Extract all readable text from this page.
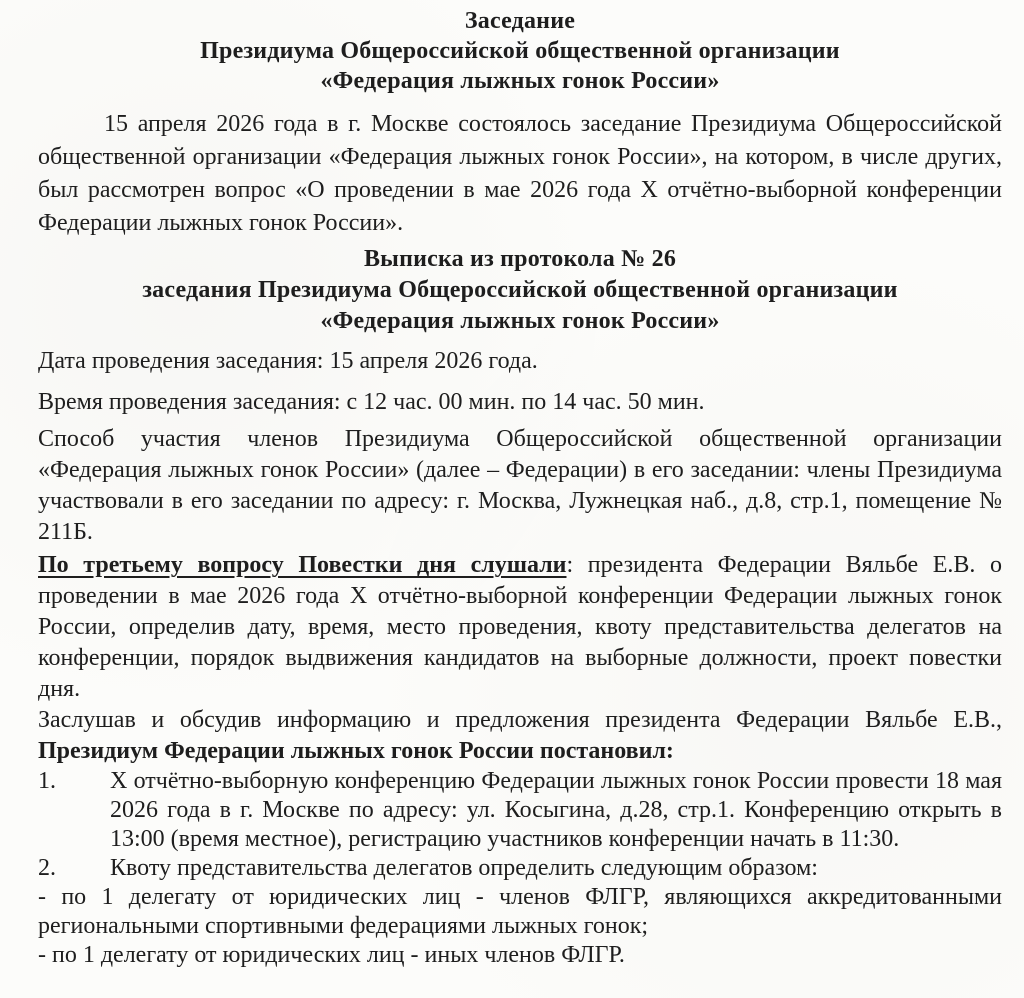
Заседание
Президиума Общероссийской общественной организации
«Федерация лыжных гонок России»

15 апреля 2026 года в г. Москве состоялось заседание Президиума Общероссийской общественной организации «Федерация лыжных гонок России», на котором, в числе других, был рассмотрен вопрос «О проведении в мае 2026 года X отчётно-выборной конференции Федерации лыжных гонок России».

Выписка из протокола № 26
заседания Президиума Общероссийской общественной организации
«Федерация лыжных гонок России»

Дата проведения заседания: 15 апреля 2026 года.

Время проведения заседания: с 12 час. 00 мин. по 14 час. 50 мин.

Способ участия членов Президиума Общероссийской общественной организации «Федерация лыжных гонок России» (далее – Федерации) в его заседании: члены Президиума участвовали в его заседании по адресу: г. Москва, Лужнецкая наб., д.8, стр.1, помещение № 211Б.

По третьему вопросу Повестки дня слушали: президента Федерации Вяльбе Е.В. о проведении в мае 2026 года X отчётно-выборной конференции Федерации лыжных гонок России, определив дату, время, место проведения, квоту представительства делегатов на конференции, порядок выдвижения кандидатов на выборные должности, проект повестки дня.

Заслушав и обсудив информацию и предложения президента Федерации Вяльбе Е.В., Президиум Федерации лыжных гонок России постановил:

1. X отчётно-выборную конференцию Федерации лыжных гонок России провести 18 мая 2026 года в г. Москве по адресу: ул. Косыгина, д.28, стр.1. Конференцию открыть в 13:00 (время местное), регистрацию участников конференции начать в 11:30.
2. Квоту представительства делегатов определить следующим образом:

- по 1 делегату от юридических лиц - членов ФЛГР, являющихся аккредитованными региональными спортивными федерациями лыжных гонок;

- по 1 делегату от юридических лиц - иных членов ФЛГР.
